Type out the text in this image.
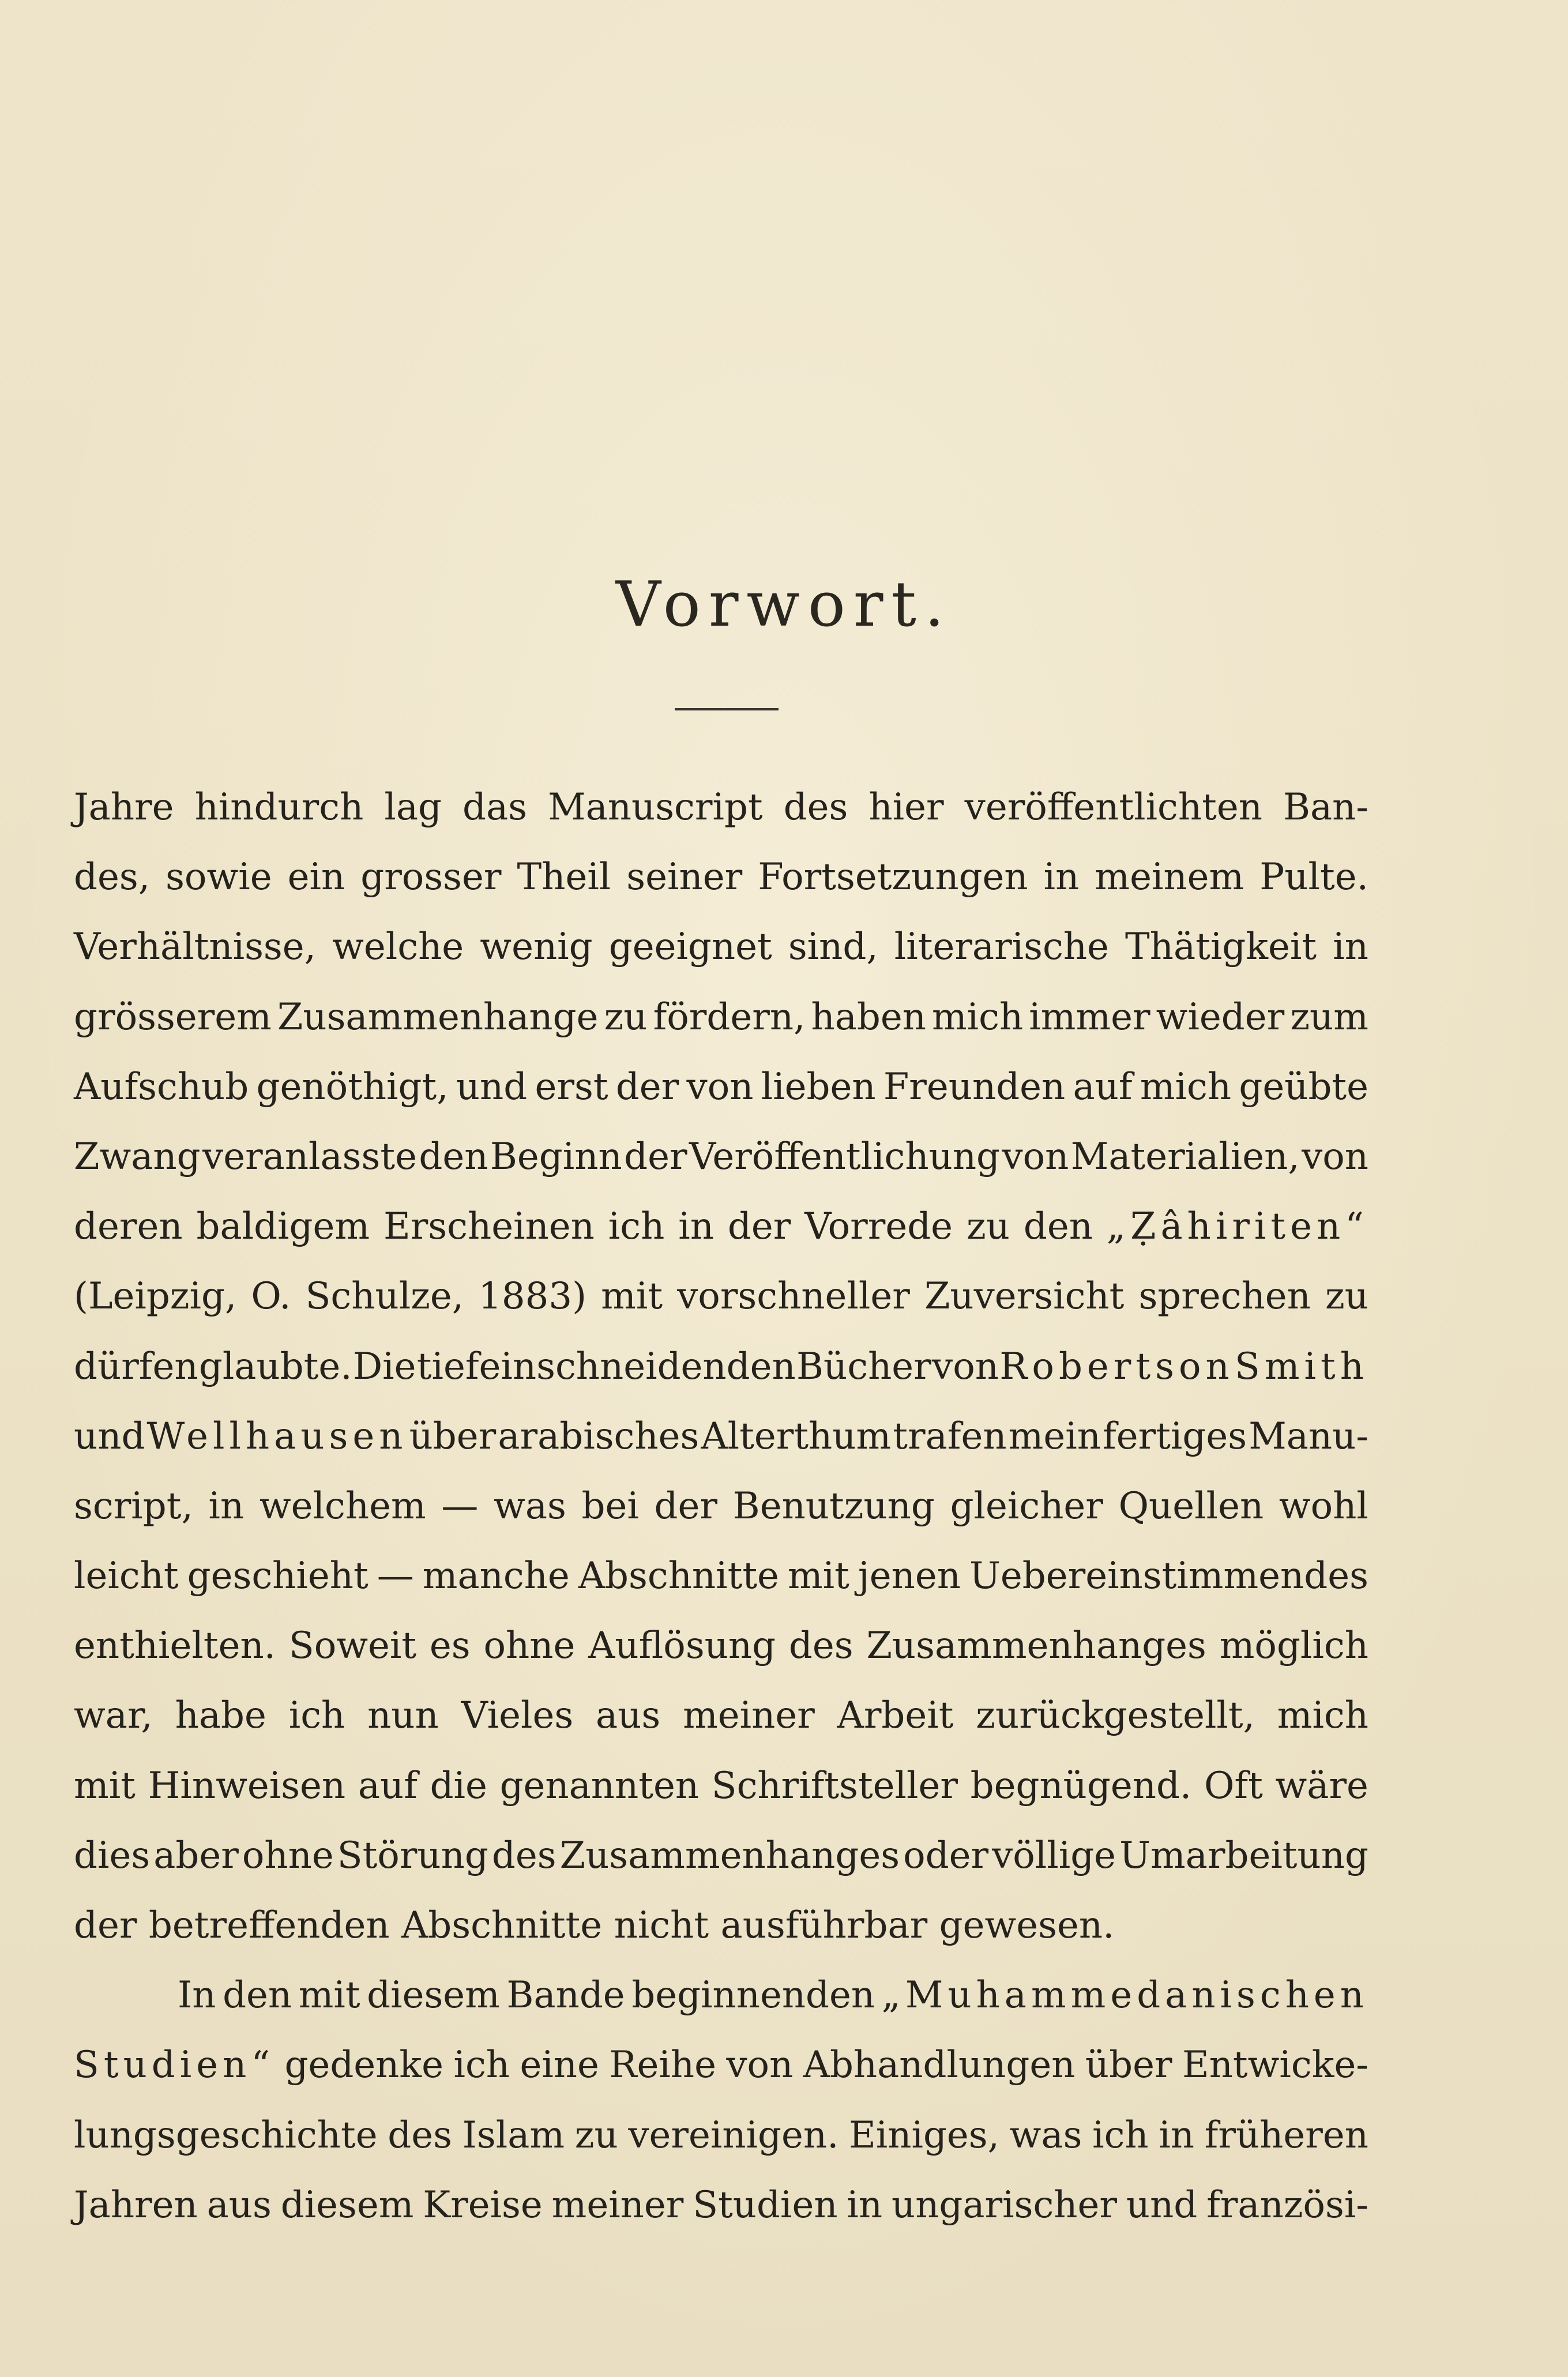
Vorwort.
Jahre hindurch lag das Manuscript des hier veröffentlichten Ban-
des, sowie ein grosser Theil seiner Fortsetzungen in meinem Pulte.
Verhältnisse, welche wenig geeignet sind, literarische Thätigkeit in
grösserem Zusammenhange zu fördern, haben mich immer wieder zum
Aufschub genöthigt, und erst der von lieben Freunden auf mich geübte
Zwang veranlasste den Beginn der Veröffentlichung von Materialien, von
deren baldigem Erscheinen ich in der Vorrede zu den „Ẓâhiriten“
(Leipzig, O. Schulze, 1883) mit vorschneller Zuversicht sprechen zu
dürfen glaubte. Die tiefeinschneidenden Bücher von Robertson Smith
und Wellhausen über arabisches Alterthum trafen mein fertiges Manu-
script, in welchem — was bei der Benutzung gleicher Quellen wohl
leicht geschieht — manche Abschnitte mit jenen Uebereinstimmendes
enthielten. Soweit es ohne Auflösung des Zusammenhanges möglich
war, habe ich nun Vieles aus meiner Arbeit zurückgestellt, mich
mit Hinweisen auf die genannten Schriftsteller begnügend. Oft wäre
dies aber ohne Störung des Zusammenhanges oder völlige Umarbeitung
der betreffenden Abschnitte nicht ausführbar gewesen.
In den mit diesem Bande beginnenden „Muhammedanischen
Studien“ gedenke ich eine Reihe von Abhandlungen über Entwicke-
lungsgeschichte des Islam zu vereinigen. Einiges, was ich in früheren
Jahren aus diesem Kreise meiner Studien in ungarischer und französi-
